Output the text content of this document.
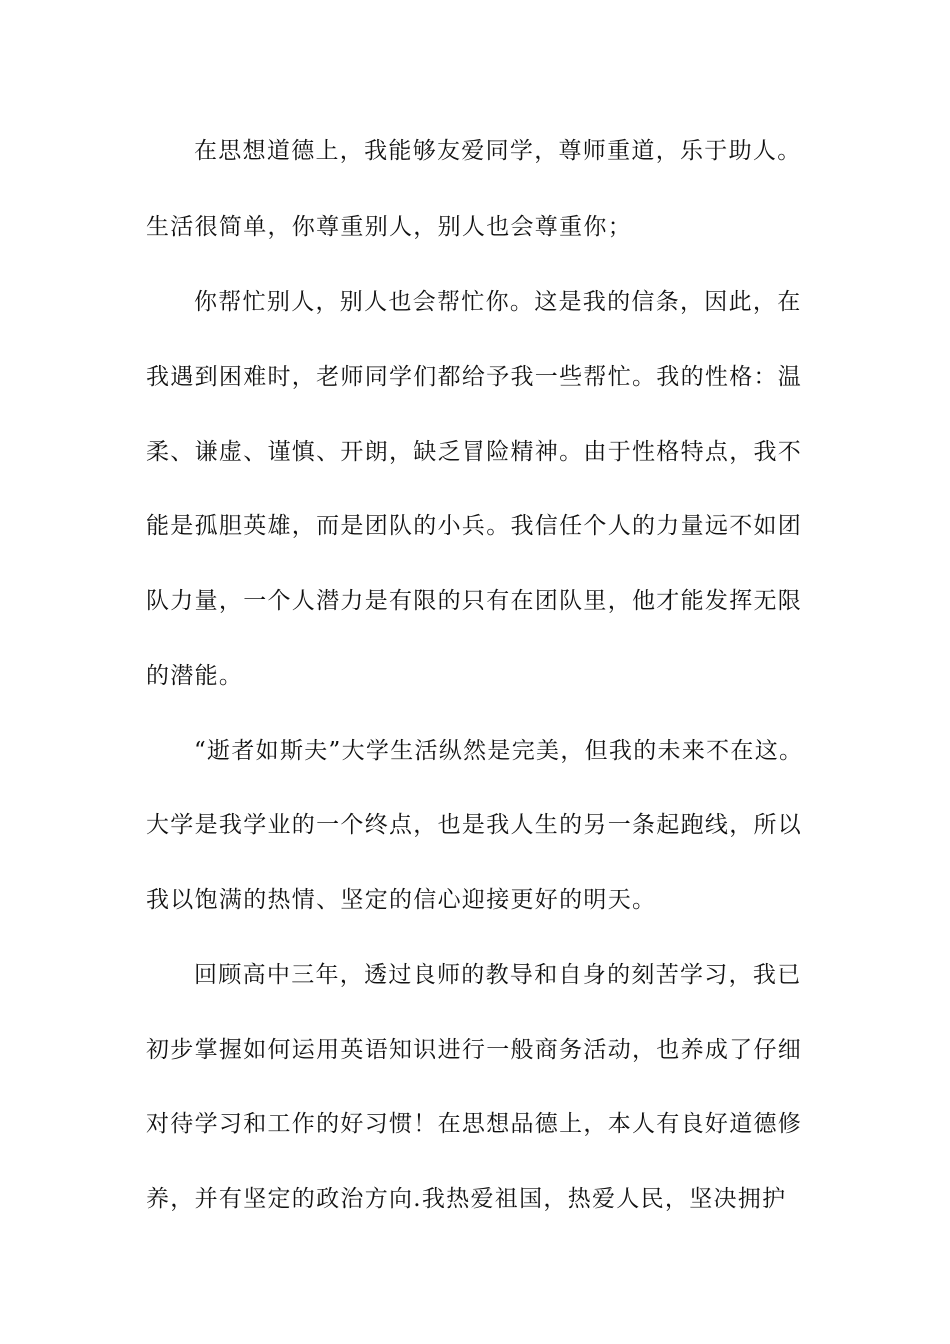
在思想道德上，我能够友爱同学，尊师重道，乐于助人。
生活很简单，你尊重别人，别人也会尊重你；
你帮忙别人，别人也会帮忙你。这是我的信条，因此，在
我遇到困难时，老师同学们都给予我一些帮忙。我的性格：温
柔、谦虚、谨慎、开朗，缺乏冒险精神。由于性格特点，我不
能是孤胆英雄，而是团队的小兵。我信任个人的力量远不如团
队力量，一个人潜力是有限的只有在团队里，他才能发挥无限
的潜能。
“逝者如斯夫”大学生活纵然是完美，但我的未来不在这。
大学是我学业的一个终点，也是我人生的另一条起跑线，所以
我以饱满的热情、坚定的信心迎接更好的明天。
回顾高中三年，透过良师的教导和自身的刻苦学习，我已
初步掌握如何运用英语知识进行一般商务活动，也养成了仔细
对待学习和工作的好习惯！在思想品德上，本人有良好道德修
养，并有坚定的政治方向.我热爱祖国，热爱人民，坚决拥护
